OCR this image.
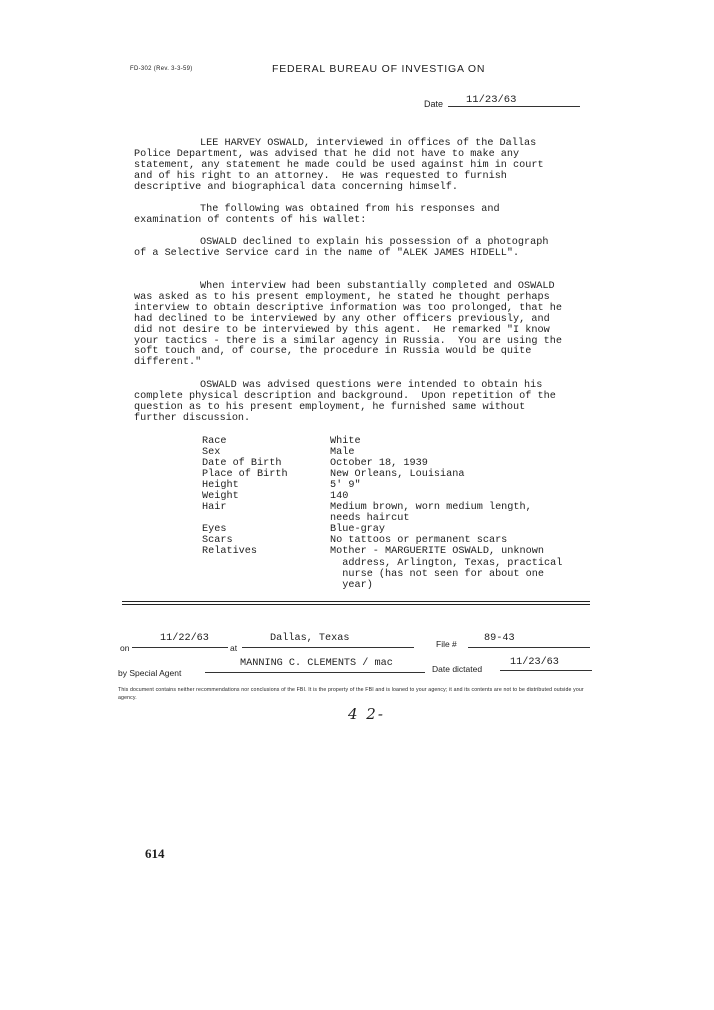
FD-302 (Rev. 3-3-59)	FEDERAL BUREAU OF INVESTIGA ON
Date 11/23/63

LEE HARVEY OSWALD, interviewed in offices of the Dallas Police Department, was advised that he did not have to make any statement, any statement he made could be used against him in court and of his right to an attorney.  He was requested to furnish descriptive and biographical data concerning himself.

The following was obtained from his responses and examination of contents of his wallet:

OSWALD declined to explain his possession of a photograph of a Selective Service card in the name of "ALEK JAMES HIDELL".

When interview had been substantially completed and OSWALD was asked as to his present employment, he stated he thought perhaps interview to obtain descriptive information was too prolonged, that he had declined to be interviewed by any other officers previously, and did not desire to be interviewed by this agent.  He remarked "I know your tactics - there is a similar agency in Russia.  You are using the soft touch and, of course, the procedure in Russia would be quite different."

OSWALD was advised questions were intended to obtain his complete physical description and background.  Upon repetition of the question as to his present employment, he furnished same without further discussion.

Race	White
Sex	Male
Date of Birth	October 18, 1939
Place of Birth	New Orleans, Louisiana
Height	5' 9"
Weight	140
Hair	Medium brown, worn medium length,
needs haircut
Eyes	Blue-gray
Scars	No tattoos or permanent scars
Relatives	Mother - MARGUERITE OSWALD, unknown
address, Arlington, Texas, practical
nurse (has not seen for about one
year)
on
11/22/63
at
Dallas, Texas	File #	89-43
by Special Agent
MANNING C. CLEMENTS / mac	Date dictated
11/23/63
This document contains neither recommendations nor conclusions of the FBI. It is the property of the FBI and is loaned to your agency; it and its contents are not to be distributed outside your agency.
4 2-
614
